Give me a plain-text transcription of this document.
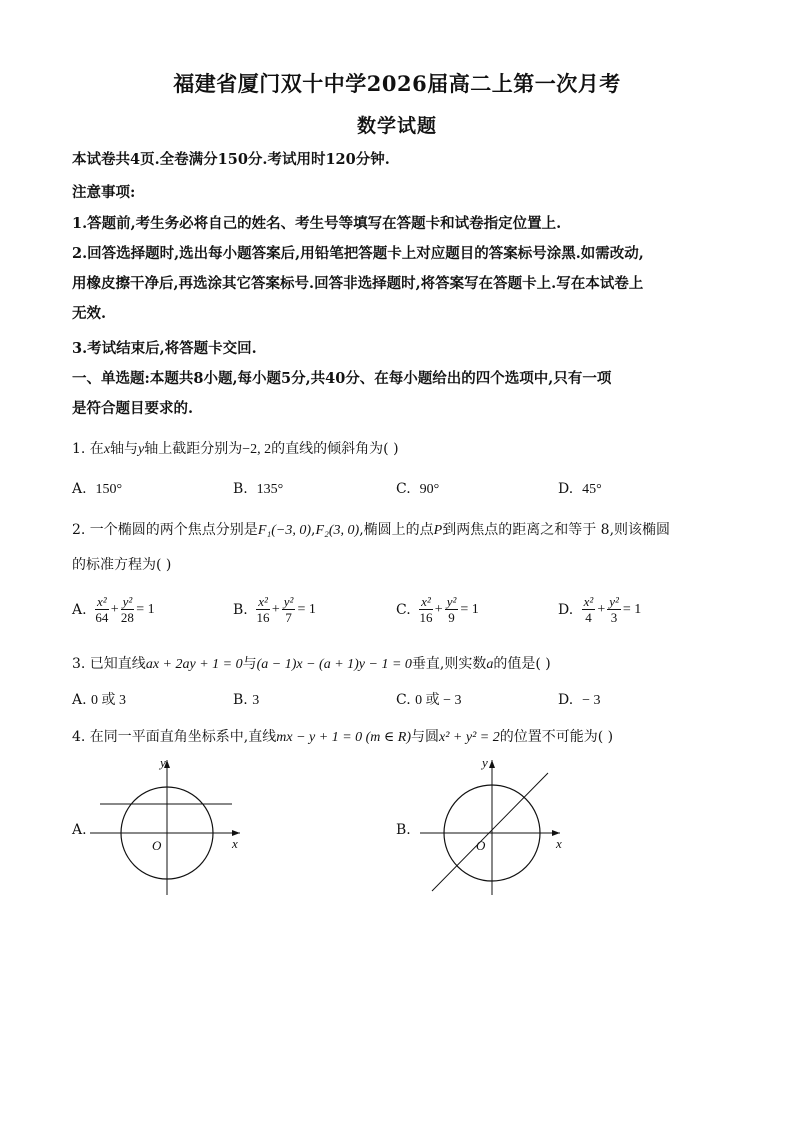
福建省厦门双十中学2026届高二上第一次月考
数学试题
本试卷共4页.全卷满分150分.考试用时120分钟.
注意事项:
1.答题前,考生务必将自己的姓名、考生号等填写在答题卡和试卷指定位置上.
2.回答选择题时,选出每小题答案后,用铅笔把答题卡上对应题目的答案标号涂黑.如需改动,
用橡皮擦干净后,再选涂其它答案标号.回答非选择题时,将答案写在答题卡上.写在本试卷上
无效.
3.考试结束后,将答题卡交回.
一、单选题:本题共8小题,每小题5分,共40分、在每小题给出的四个选项中,只有一项
是符合题目要求的.
1. 在x轴与y轴上截距分别为−2, 2的直线的倾斜角为( )
A. 150°	B. 135°	C. 90°	D. 45°
2. 一个椭圆的两个焦点分别是F₁(−3, 0),F₂(3, 0),椭圆上的点P到两焦点的距离之和等于 8,则该椭圆
的标准方程为( )
A.
$\frac{\text{x²}}{64} + \frac{\text{y²}}{28} = 1$	B.
$\frac{\text{x²}}{16} + \frac{\text{y²}}{7} = 1$	C.
$\frac{\text{x²}}{16} + \frac{\text{y²}}{9} = 1$	D.
$\frac{\text{x²}}{4} + \frac{\text{y²}}{3} = 1$
3. 已知直线ax + 2ay + 1 = 0与(a − 1)x − (a + 1)y − 1 = 0垂直,则实数a的值是( )
A. 0 或 3	B. 3	C. 0 或 − 3	D. − 3
4. 在同一平面直角坐标系中,直线mx − y + 1 = 0 (m ∈ R)与圆x² + y² = 2的位置不可能为( )
A.
y
x
O
B.
y
x
O
